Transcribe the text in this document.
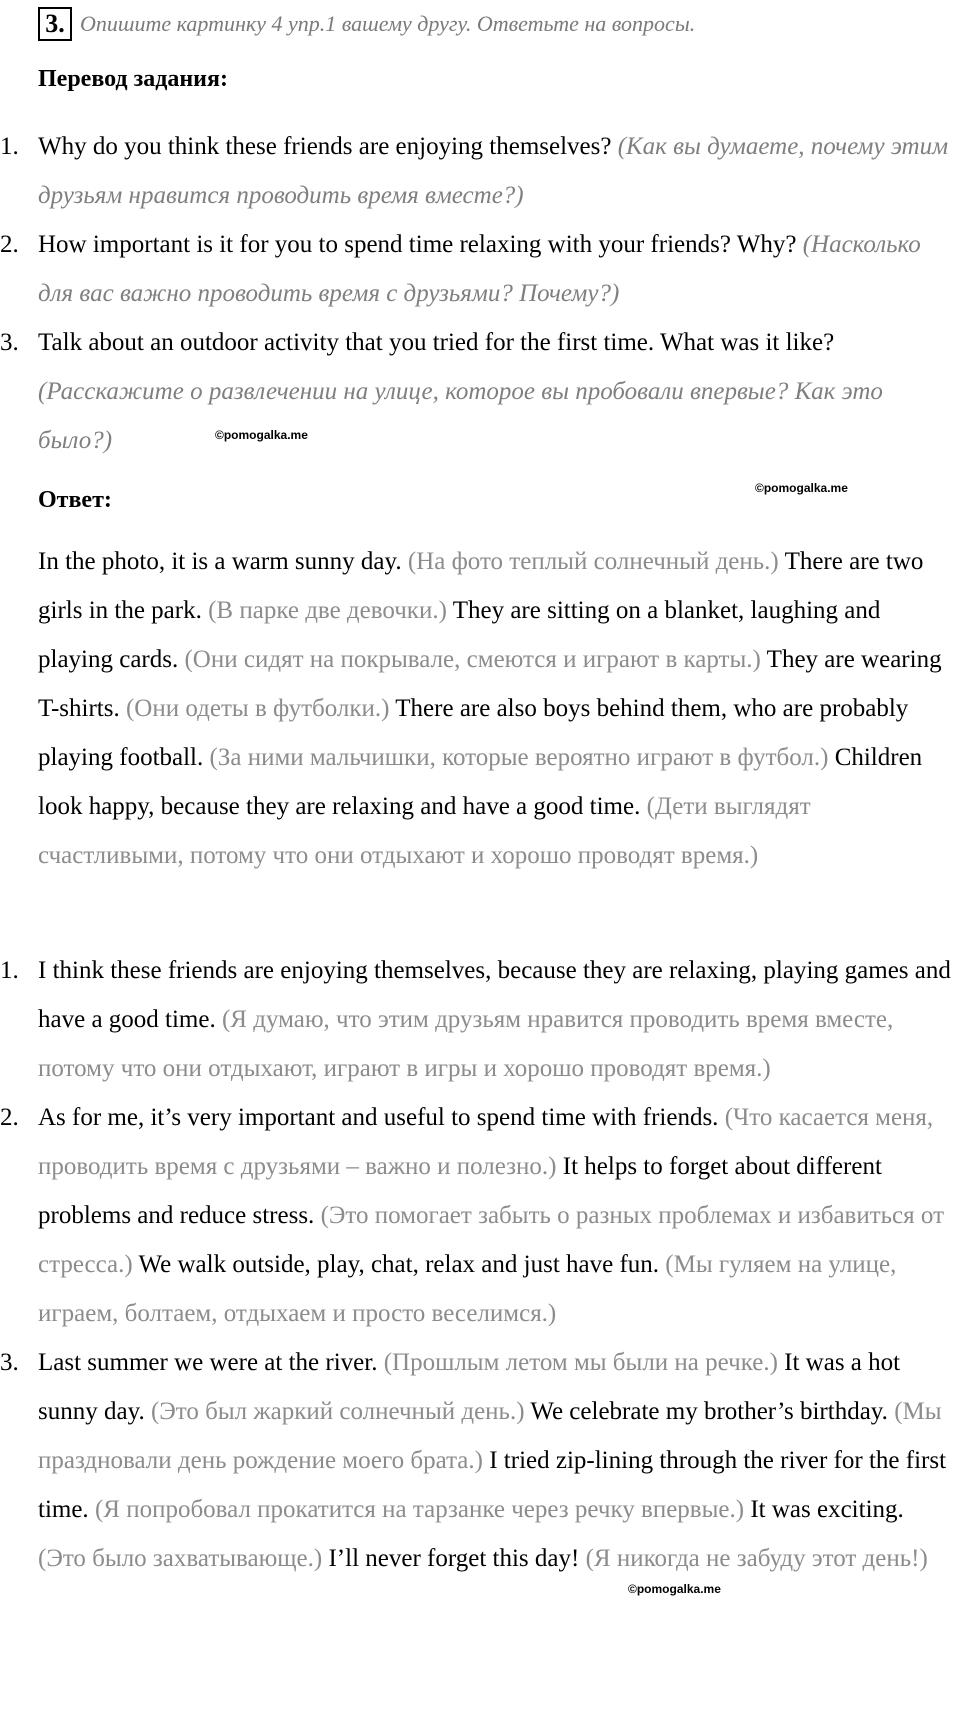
3. Опишите картинку 4 упр.1 вашему другу. Ответьте на вопросы.
Перевод задания:
1. Why do you think these friends are enjoying themselves? (Как вы думаете, почему этим друзьям нравится проводить время вместе?)
2. How important is it for you to spend time relaxing with your friends? Why? (Насколько для вас важно проводить время с друзьями? Почему?)
3. Talk about an outdoor activity that you tried for the first time. What was it like? (Расскажите о развлечении на улице, которое вы пробовали впервые? Как это было?)	©pomogalka.me
Ответ:	©pomogalka.me
In the photo, it is a warm sunny day. (На фото теплый солнечный день.) There are two girls in the park. (В парке две девочки.) They are sitting on a blanket, laughing and playing cards. (Они сидят на покрывале, смеются и играют в карты.) They are wearing T-shirts. (Они одеты в футболки.) There are also boys behind them, who are probably playing football. (За ними мальчишки, которые вероятно играют в футбол.) Children look happy, because they are relaxing and have a good time. (Дети выглядят счастливыми, потому что они отдыхают и хорошо проводят время.)
1. I think these friends are enjoying themselves, because they are relaxing, playing games and have a good time. (Я думаю, что этим друзьям нравится проводить время вместе, потому что они отдыхают, играют в игры и хорошо проводят время.)
2. As for me, it’s very important and useful to spend time with friends. (Что касается меня, проводить время с друзьями – важно и полезно.) It helps to forget about different problems and reduce stress. (Это помогает забыть о разных проблемах и избавиться от стресса.) We walk outside, play, chat, relax and just have fun. (Мы гуляем на улице, играем, болтаем, отдыхаем и просто веселимся.)
3. Last summer we were at the river. (Прошлым летом мы были на речке.) It was a hot sunny day. (Это был жаркий солнечный день.) We celebrate my brother’s birthday. (Мы праздновали день рождение моего брата.) I tried zip-lining through the river for the first time. (Я попробовал прокатится на тарзанке через речку впервые.) It was exciting. (Это было захватывающе.) I’ll never forget this day! (Я никогда не забуду этот день!)
©pomogalka.me
